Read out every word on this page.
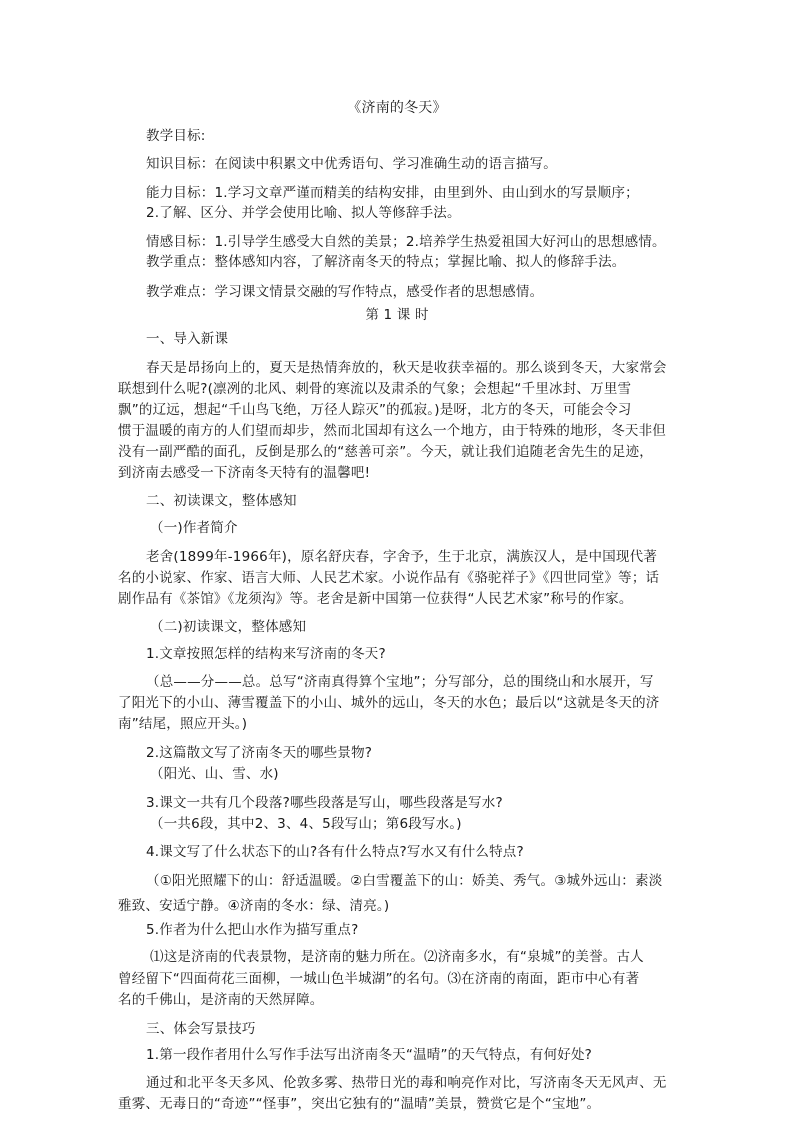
《济南的冬天》
教学目标:
知识目标：在阅读中积累文中优秀语句、学习准确生动的语言描写。
能力目标：1.学习文章严谨而精美的结构安排，由里到外、由山到水的写景顺序；
2.了解、区分、并学会使用比喻、拟人等修辞手法。
情感目标：1.引导学生感受大自然的美景；2.培养学生热爱祖国大好河山的思想感情。
教学重点：整体感知内容，了解济南冬天的特点；掌握比喻、拟人的修辞手法。
教学难点：学习课文情景交融的写作特点，感受作者的思想感情。
第 1 课 时
一、导入新课
春天是昂扬向上的，夏天是热情奔放的，秋天是收获幸福的。那么谈到冬天，大家常会
联想到什么呢?(凛冽的北风、刺骨的寒流以及肃杀的气象；会想起“千里冰封、万里雪
飘”的辽远，想起“千山鸟飞绝，万径人踪灭”的孤寂。)是呀，北方的冬天，可能会令习
惯于温暖的南方的人们望而却步，然而北国却有这么一个地方，由于特殊的地形，冬天非但
没有一副严酷的面孔，反倒是那么的“慈善可亲”。今天，就让我们追随老舍先生的足迹，
到济南去感受一下济南冬天特有的温馨吧!
二、初读课文，整体感知
（一)作者简介
老舍(1899年-1966年)，原名舒庆春，字舍予，生于北京，满族汉人，是中国现代著
名的小说家、作家、语言大师、人民艺术家。小说作品有《骆驼祥子》《四世同堂》等；话
剧作品有《茶馆》《龙须沟》等。老舍是新中国第一位获得“人民艺术家”称号的作家。
（二)初读课文，整体感知
1.文章按照怎样的结构来写济南的冬天?
（总——分——总。总写“济南真得算个宝地”；分写部分，总的围绕山和水展开，写
了阳光下的小山、薄雪覆盖下的小山、城外的远山，冬天的水色；最后以“这就是冬天的济
南”结尾，照应开头。)
2.这篇散文写了济南冬天的哪些景物?
（阳光、山、雪、水)
3.课文一共有几个段落?哪些段落是写山，哪些段落是写水?
（一共6段，其中2、3、4、5段写山；第6段写水。)
4.课文写了什么状态下的山?各有什么特点?写水又有什么特点?
（①阳光照耀下的山：舒适温暖。②白雪覆盖下的山：娇美、秀气。③城外远山：素淡
雅致、安适宁静。④济南的冬水：绿、清亮。)
5.作者为什么把山水作为描写重点?
⑴这是济南的代表景物，是济南的魅力所在。⑵济南多水，有“泉城”的美誉。古人
曾经留下“四面荷花三面柳，一城山色半城湖”的名句。⑶在济南的南面，距市中心有著
名的千佛山，是济南的天然屏障。
三、体会写景技巧
1.第一段作者用什么写作手法写出济南冬天“温晴”的天气特点，有何好处?
通过和北平冬天多风、伦敦多雾、热带日光的毒和响亮作对比，写济南冬天无风声、无
重雾、无毒日的“奇迹”“怪事”，突出它独有的“温晴”美景，赞赏它是个“宝地”。
